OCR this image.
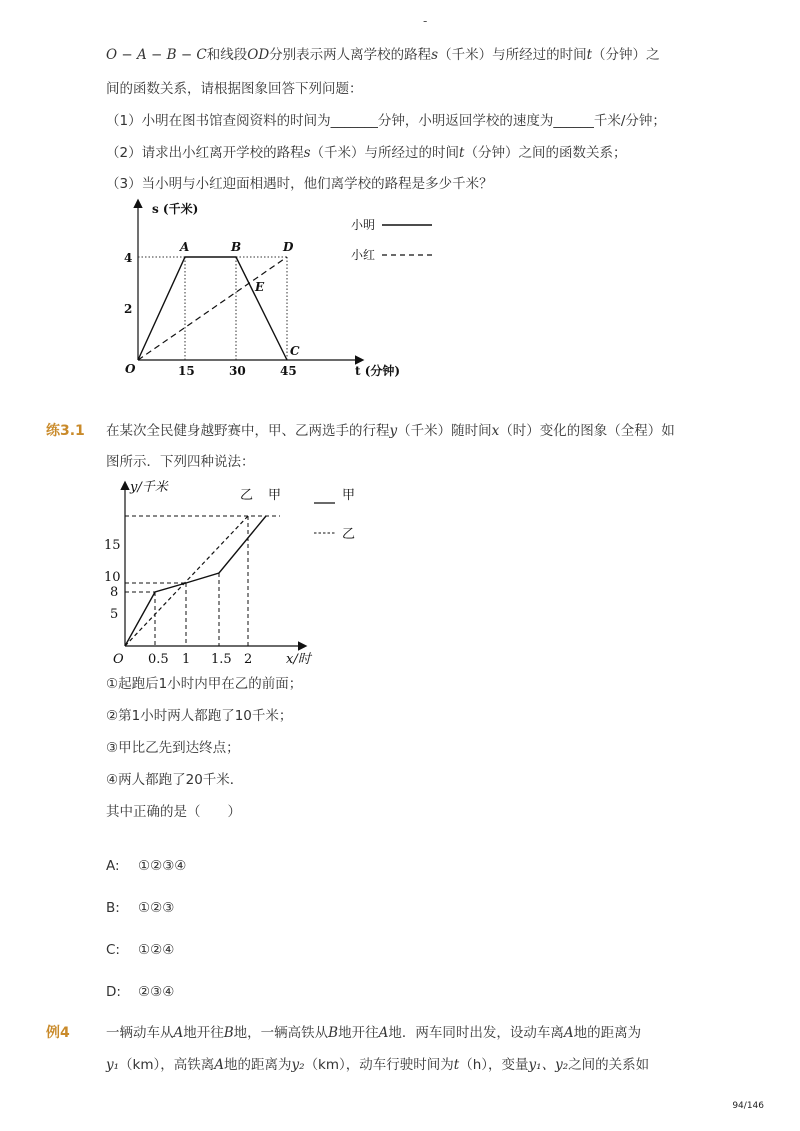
-
O − A − B − C和线段OD分别表示两人离学校的路程s（千米）与所经过的时间t（分钟）之
间的函数关系，请根据图象回答下列问题：
（1）小明在图书馆查阅资料的时间为_______分钟，小明返回学校的速度为______千米/分钟；
（2）请求出小红离开学校的路程s（千米）与所经过的时间t（分钟）之间的函数关系；
（3）当小明与小红迎面相遇时，他们离学校的路程是多少千米？
s (千米)
t (分钟)
O	15	30	45
2
4
A	B	D
E
C
小明
小红
练3.1 在某次全民健身越野赛中，甲、乙两选手的行程y（千米）随时间x（时）变化的图象（全程）如
图所示．下列四种说法：
y/千米
x/时
O 0.5 1 1.5 2
5
8
10
15
乙 甲	甲
乙
①起跑后1小时内甲在乙的前面；
②第1小时两人都跑了10千米；
③甲比乙先到达终点；
④两人都跑了20千米．
其中正确的是（　　）
A: ①②③④
B: ①②③
C: ①②④
D: ②③④
例4	一辆动车从A地开往B地，一辆高铁从B地开往A地．两车同时出发，设动车离A地的距离为
y₁（km），高铁离A地的距离为y₂（km），动车行驶时间为t（h），变量y₁、y₂之间的关系如
94/146
